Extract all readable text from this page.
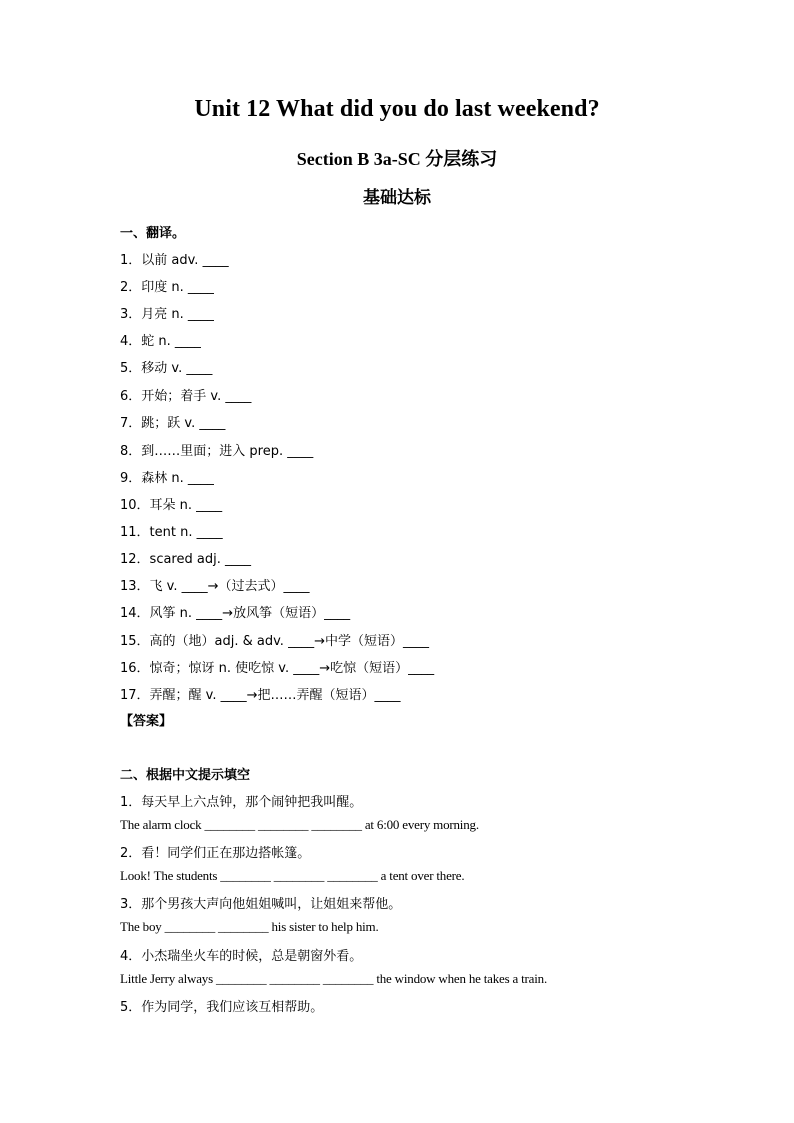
Unit 12 What did you do last weekend?
Section B 3a-SC 分层练习
基础达标
一、翻译。
1．以前 adv. ____
2．印度 n. ____
3．月亮 n. ____
4．蛇 n. ____
5．移动 v. ____
6．开始；着手 v. ____
7．跳；跃 v. ____
8．到……里面；进入 prep. ____
9．森林 n. ____
10．耳朵 n. ____
11．tent n. ____
12．scared adj. ____
13．飞 v. ____→（过去式）____
14．风筝 n. ____→放风筝（短语）____
15．高的（地）adj. & adv. ____→中学（短语）____
16．惊奇；惊讶 n. 使吃惊 v. ____→吃惊（短语）____
17．弄醒；醒 v. ____→把……弄醒（短语）____
【答案】
二、根据中文提示填空
1．每天早上六点钟，那个闹钟把我叫醒。
The alarm clock ________ ________ ________ at 6:00 every morning.
2．看！同学们正在那边搭帐篷。
Look! The students ________ ________ ________ a tent over there.
3．那个男孩大声向他姐姐喊叫，让姐姐来帮他。
The boy ________ ________ his sister to help him.
4．小杰瑞坐火车的时候，总是朝窗外看。
Little Jerry always ________ ________ ________ the window when he takes a train.
5．作为同学，我们应该互相帮助。
